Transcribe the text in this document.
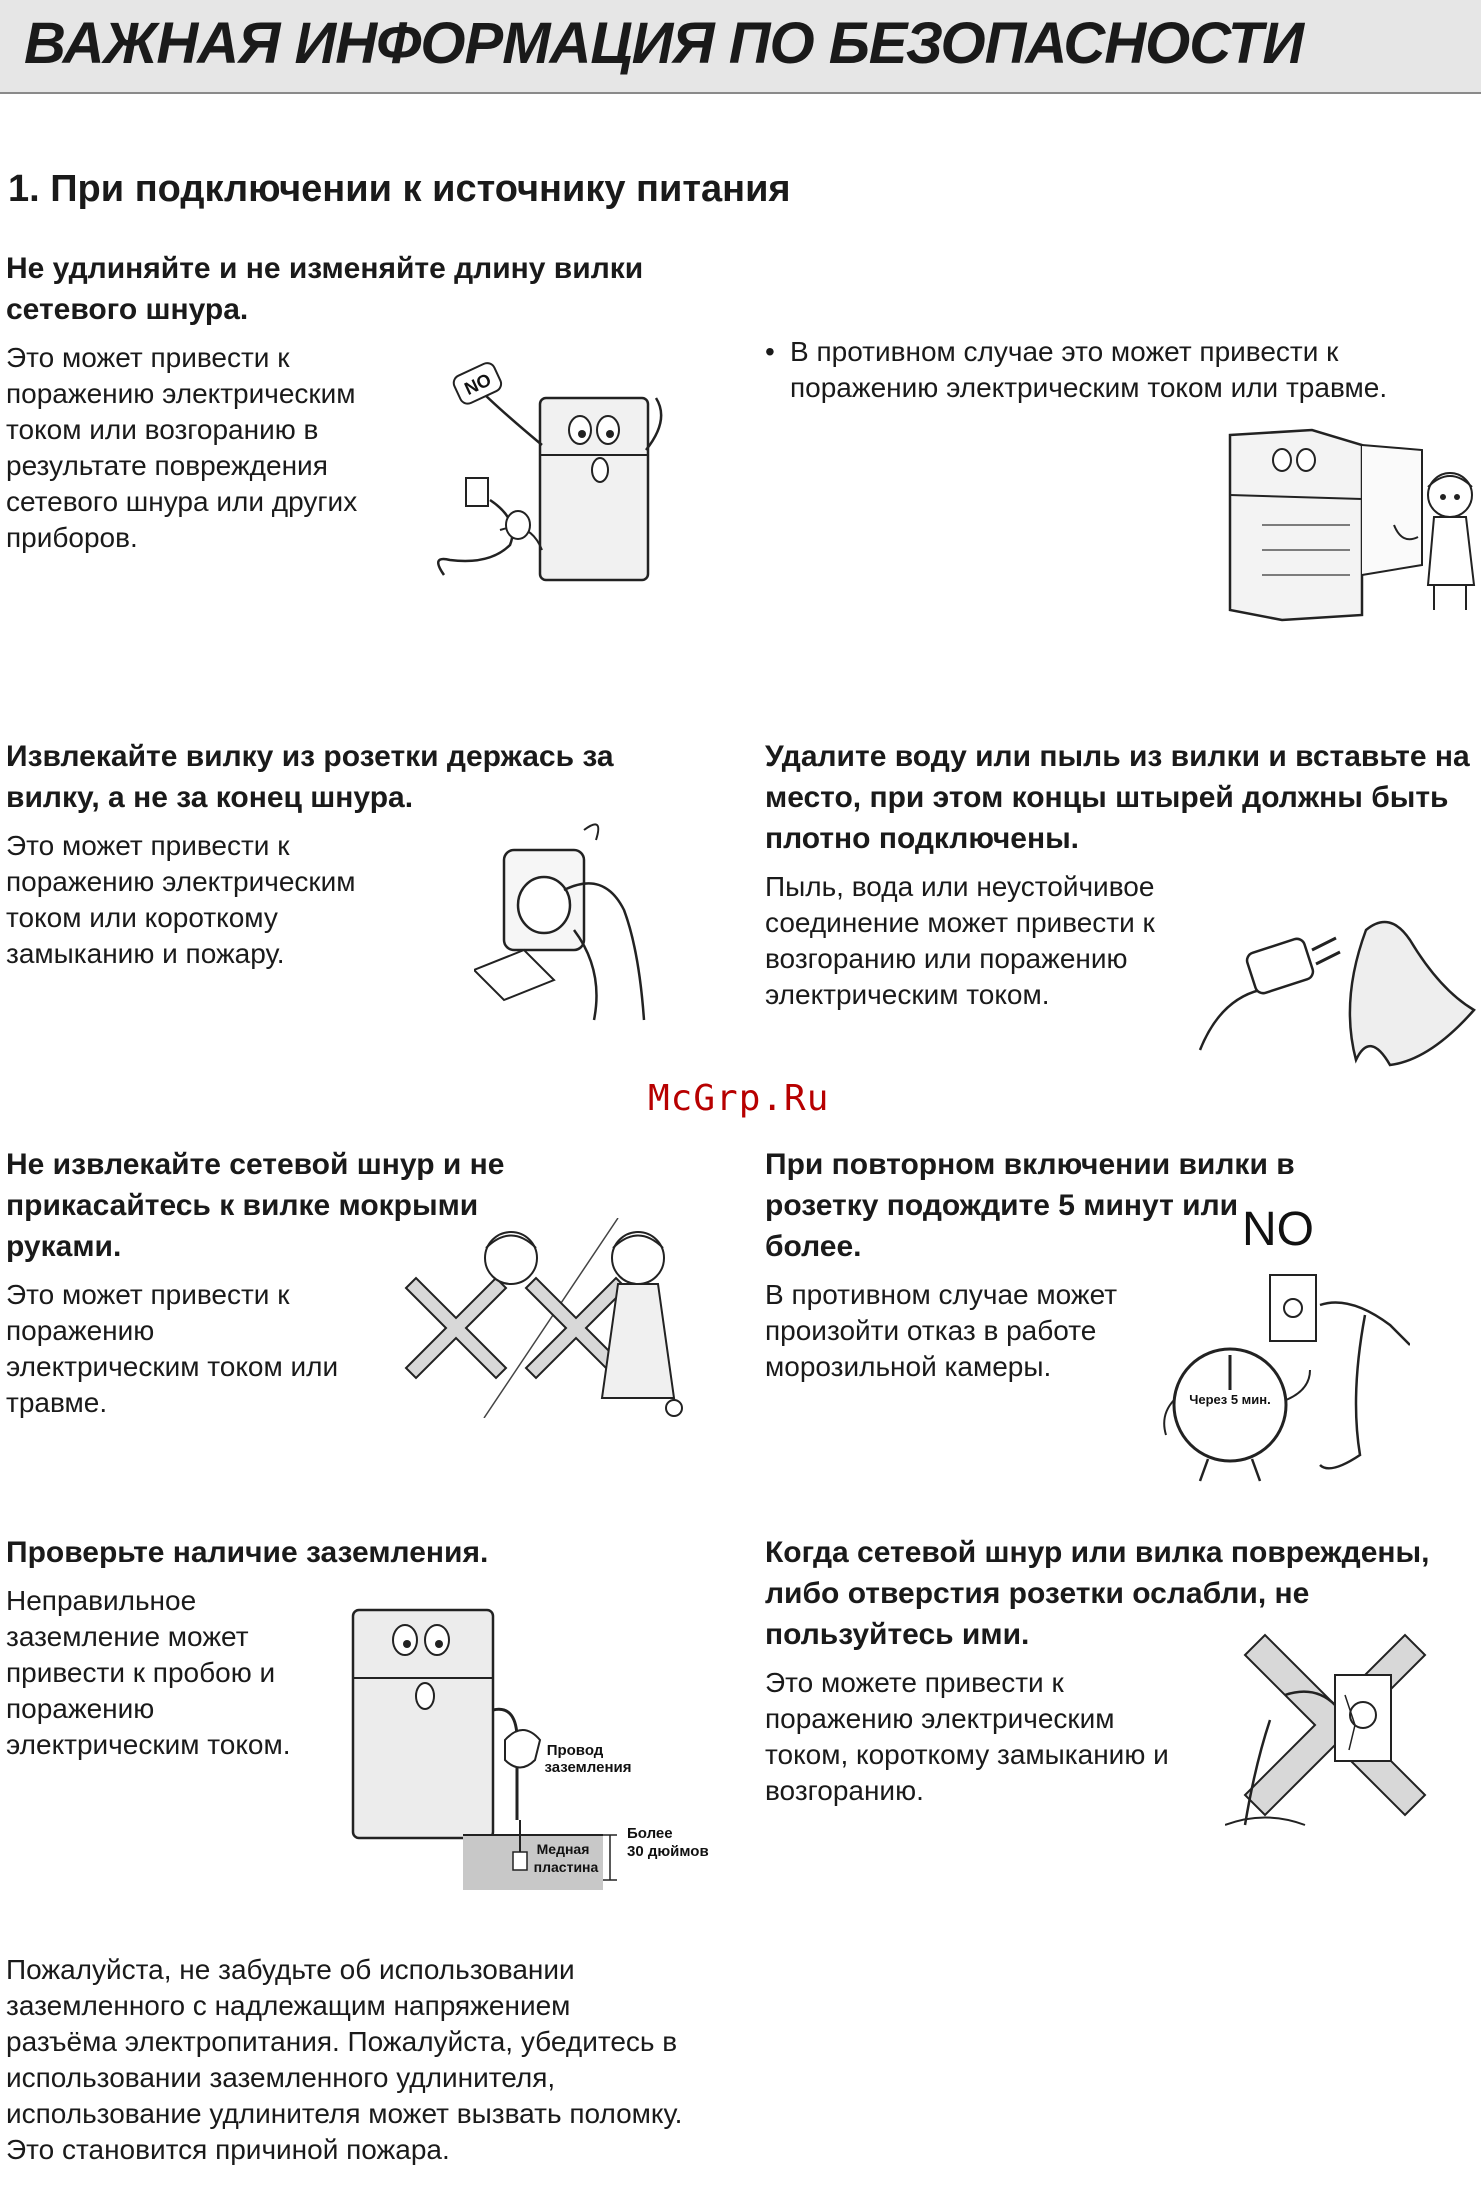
ВАЖНАЯ ИНФОРМАЦИЯ ПО БЕЗОПАСНОСТИ
1. При подключении к источнику питания
Не удлиняйте и не изменяйте длину вилки сетевого шнура.

Это может привести к поражению электрическим током или возгоранию в результате повреждения сетевого шнура или других приборов.

NO
• В противном случае это может привести к поражению электрическим током или травме.
Извлекайте вилку из розетки держась за вилку, а не за конец шнура.

Это может привести к поражению электрическим током или короткому замыканию и пожару.

Удалите воду или пыль из вилки и вставьте на место, при этом концы штырей должны быть плотно подключены.

Пыль, вода или неустойчивое соединение может привести к возгоранию или поражению электрическим током.

McGrp.Ru
Не извлекайте сетевой шнур и не прикасайтесь к вилке мокрыми руками.

Это может привести к поражению электрическим током или травме.

При повторном включении вилки в розетку подождите 5 минут или более.

В противном случае может произойти отказ в работе морозильной камеры.

NO
Через 5 мин.
Проверьте наличие заземления.

Неправильное заземление может привести к пробою и поражению электрическим током.	Провод
заземления
Медная
пластина
Более
30 дюймов
Когда сетевой шнур или вилка повреждены, либо отверстия розетки ослабли, не пользуйтесь ими.

Это можете привести к поражению электрическим током, короткому замыканию и возгоранию.

Пожалуйста, не забудьте об использовании заземленного с надлежащим напряжением разъёма электропитания. Пожалуйста, убедитесь в использовании заземленного удлинителя, использование удлинителя может вызвать поломку. Это становится причиной пожара.
